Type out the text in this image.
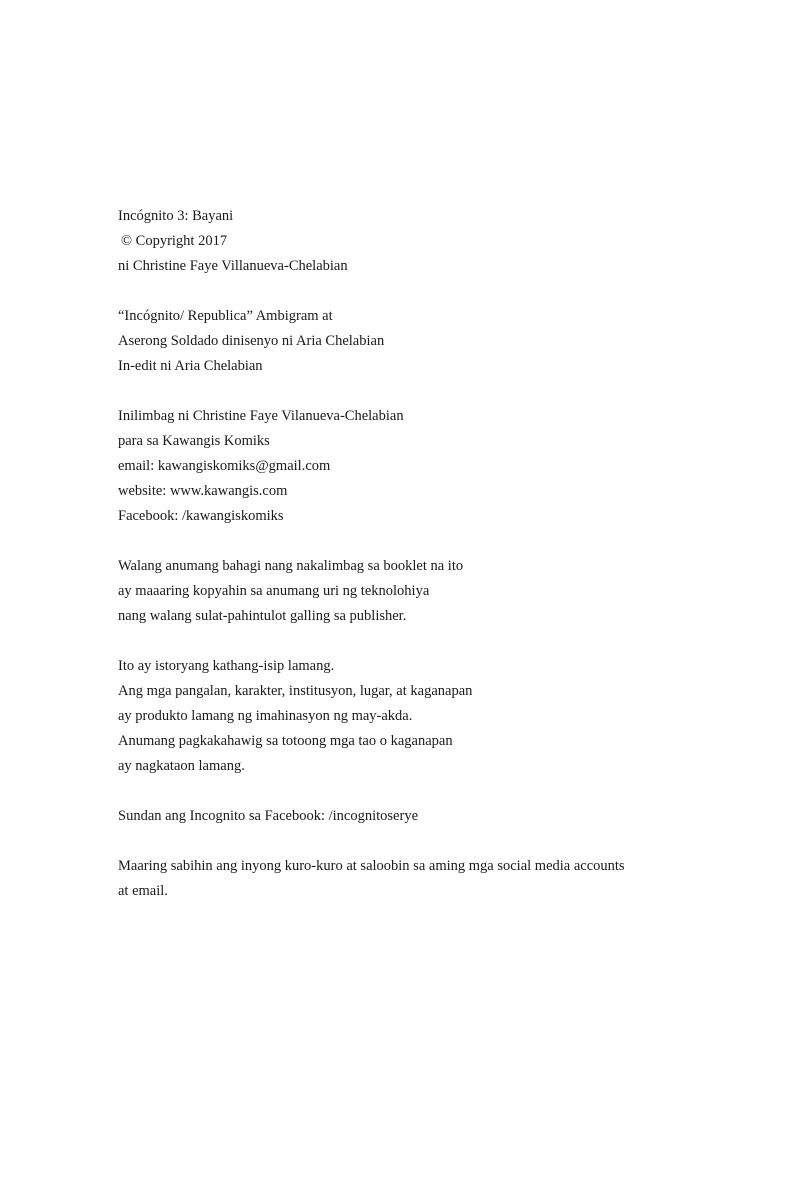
Incógnito 3: Bayani
© Copyright 2017
ni Christine Faye Villanueva-Chelabian
“Incógnito/ Republica” Ambigram at
Aserong Soldado dinisenyo ni Aria Chelabian
In-edit ni Aria Chelabian
Inilimbag ni Christine Faye Vilanueva-Chelabian
para sa Kawangis Komiks
email: kawangiskomiks@gmail.com
website: www.kawangis.com
Facebook: /kawangiskomiks
Walang anumang bahagi nang nakalimbag sa booklet na ito
ay maaaring kopyahin sa anumang uri ng teknolohiya
nang walang sulat-pahintulot galling sa publisher.
Ito ay istoryang kathang-isip lamang.
Ang mga pangalan, karakter, institusyon, lugar, at kaganapan
ay produkto lamang ng imahinasyon ng may-akda.
Anumang pagkakahawig sa totoong mga tao o kaganapan
ay nagkataon lamang.
Sundan ang Incognito sa Facebook: /incognitoserye
Maaring sabihin ang inyong kuro-kuro at saloobin sa aming mga social media accounts
at email.
